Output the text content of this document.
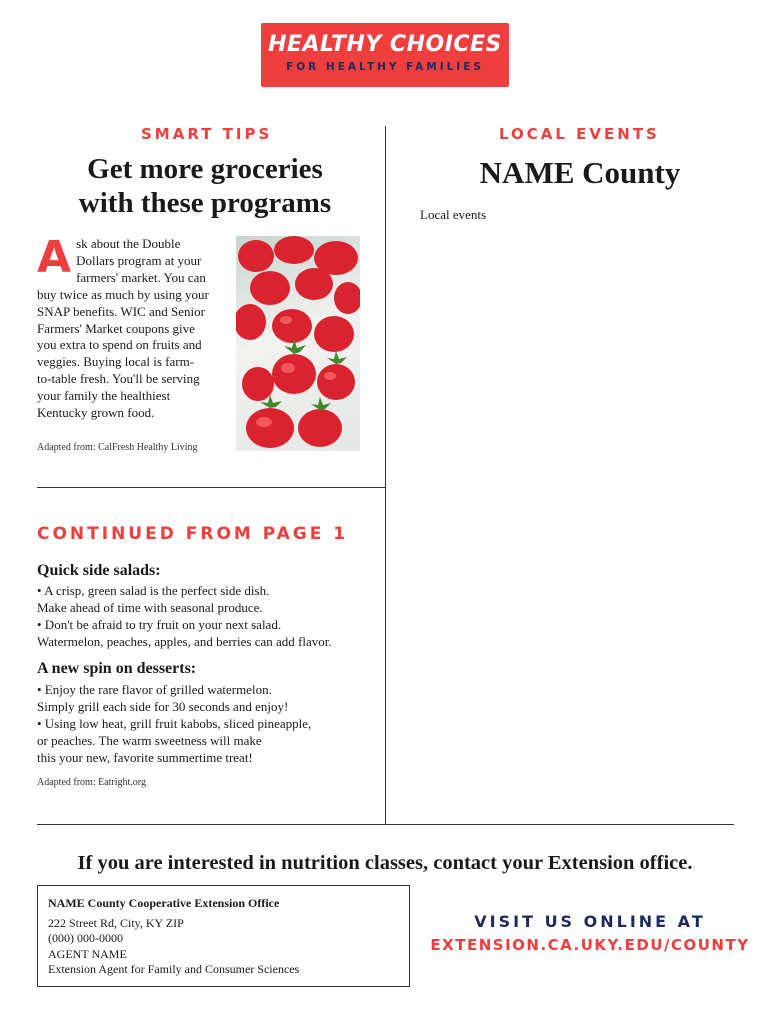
HEALTHY CHOICES
FOR HEALTHY FAMILIES
SMART TIPS	LOCAL EVENTS
Get more groceries
with these programs
A sk about the Double
Dollars program at your
farmers' market. You can
buy twice as much by using your
SNAP benefits. WIC and Senior
Farmers' Market coupons give
you extra to spend on fruits and
veggies. Buying local is farm-
to-table fresh. You'll be serving
your family the healthiest
Kentucky grown food.
Adapted from: CalFresh Healthy Living
NAME County
Local events
CONTINUED FROM PAGE 1
Quick side salads:
• A crisp, green salad is the perfect side dish.
Make ahead of time with seasonal produce.
• Don't be afraid to try fruit on your next salad.
Watermelon, peaches, apples, and berries can add flavor.
A new spin on desserts:
• Enjoy the rare flavor of grilled watermelon.
Simply grill each side for 30 seconds and enjoy!
• Using low heat, grill fruit kabobs, sliced pineapple,
or peaches. The warm sweetness will make
this your new, favorite summertime treat!
Adapted from: Eatright.org
If you are interested in nutrition classes, contact your Extension office.
NAME County Cooperative Extension Office
222 Street Rd, City, KY ZIP
(000) 000-0000
AGENT NAME
Extension Agent for Family and Consumer Sciences
VISIT US ONLINE AT
EXTENSION.CA.UKY.EDU/COUNTY
